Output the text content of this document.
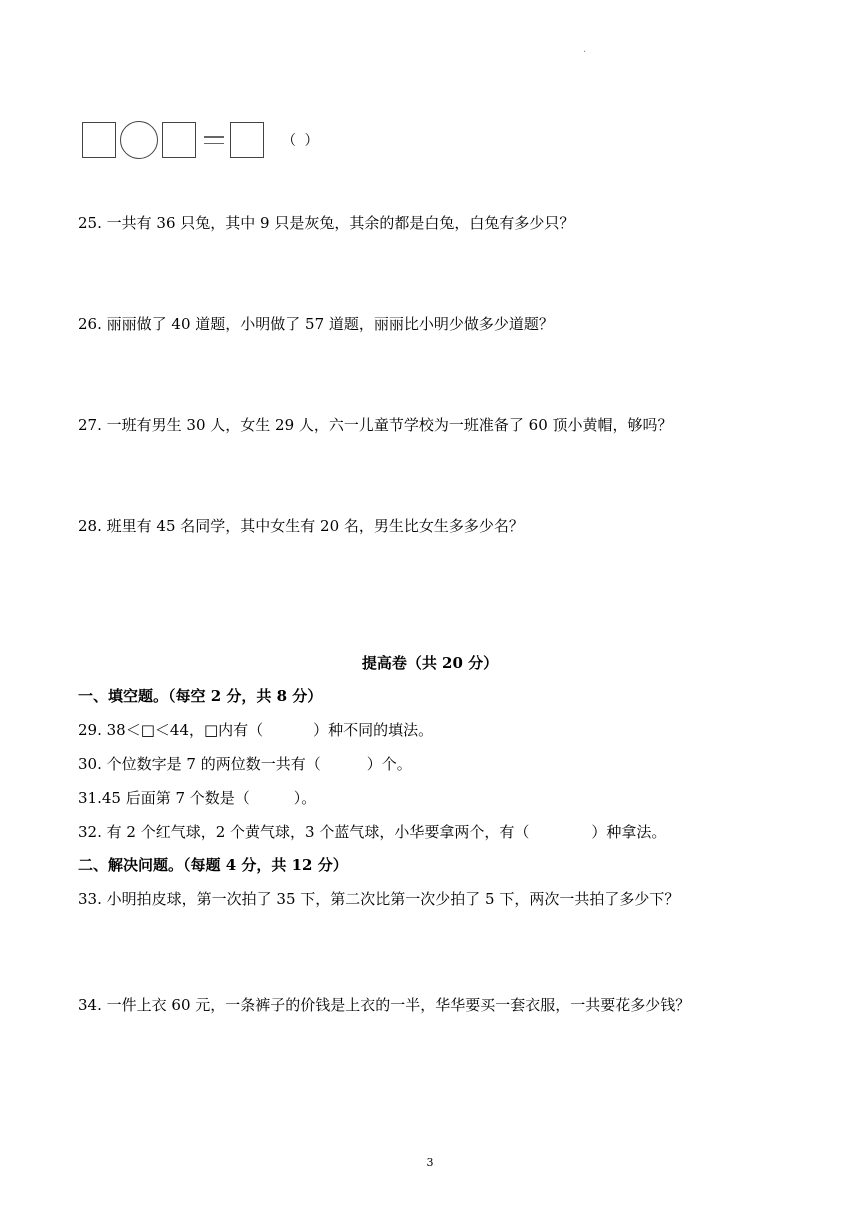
·
（ ）
25. 一共有 36 只兔，其中 9 只是灰兔，其余的都是白兔，白兔有多少只？
26. 丽丽做了 40 道题，小明做了 57 道题，丽丽比小明少做多少道题？
27. 一班有男生 30 人，女生 29 人，六一儿童节学校为一班准备了 60 顶小黄帽，够吗？
28. 班里有 45 名同学，其中女生有 20 名，男生比女生多多少名？
提高卷（共 20 分）
一、填空题。（每空 2 分，共 8 分）
29. 38＜□＜44，□内有（	）种不同的填法。
30. 个位数字是 7 的两位数一共有（	）个。
31.45 后面第 7 个数是（	）。
32. 有 2 个红气球，2 个黄气球，3 个蓝气球，小华要拿两个，有（	）种拿法。
二、解决问题。（每题 4 分，共 12 分）
33. 小明拍皮球，第一次拍了 35 下，第二次比第一次少拍了 5 下，两次一共拍了多少下？
34. 一件上衣 60 元，一条裤子的价钱是上衣的一半，华华要买一套衣服，一共要花多少钱？
3
